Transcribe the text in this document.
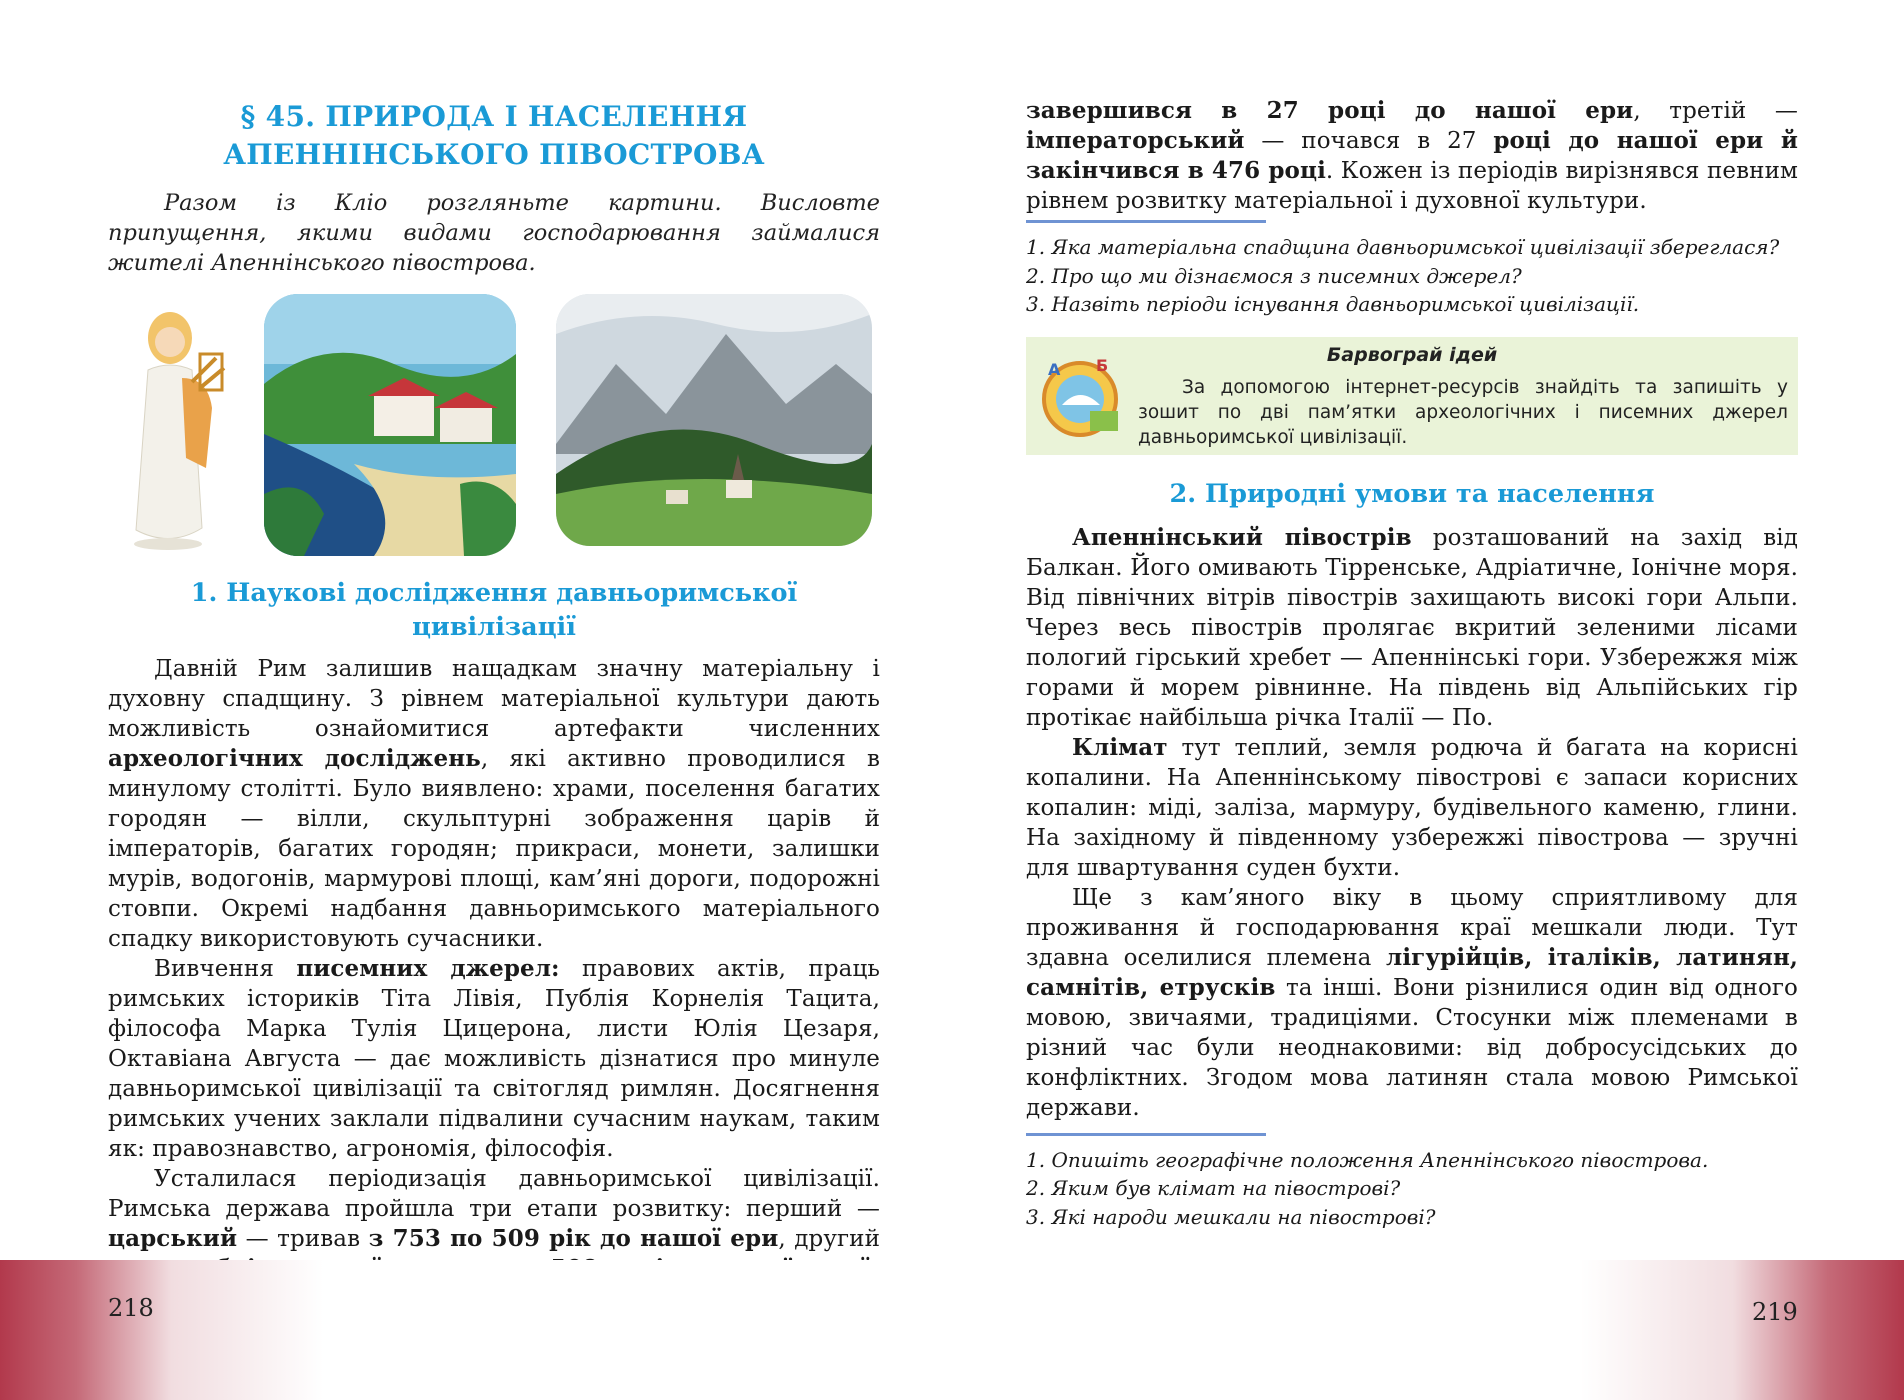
§ 45. ПРИРОДА І НАСЕЛЕННЯ
АПЕННІНСЬКОГО ПІВОСТРОВА

Разом із Кліо розгляньте картини. Висловте припущення, якими видами господарювання займалися жителі Апеннінського півострова.

1. Наукові дослідження давньоримської цивілізації

Давній Рим залишив нащадкам значну матеріальну і духовну спадщину. З рівнем матеріальної культури дають можливість ознайомитися артефакти численних археологічних досліджень, які активно проводилися в минулому столітті. Було виявлено: храми, поселення багатих городян — вілли, скульптурні зображення царів й імператорів, багатих городян; прикраси, монети, залишки мурів, водогонів, мармурові площі, кам’яні дороги, подорожні стовпи. Окремі надбання давньоримського матеріального спадку використовують сучасники.

Вивчення писемних джерел: правових актів, праць римських істориків Тіта Лівія, Публія Корнелія Тацита, філософа Марка Тулія Цицерона, листи Юлія Цезаря, Октавіана Августа — дає можливість дізнатися про минуле давньоримської цивілізації та світогляд римлян. Досягнення римських учених заклали підвалини сучасним наукам, таким як: правознавство, агрономія, філософія.

Усталилася періодизація давньоримської цивілізації. Римська держава пройшла три етапи розвитку: перший — царський — тривав з 753 по 509 рік до нашої ери, другий

218

завершився в 27 році до нашої ери, третій — імператорський — почався в 27 році до нашої ери й закінчився в 476 році. Кожен із періодів вирізнявся певним рівнем розвитку матеріальної і духовної культури.

1. Яка матеріальна спадщина давньоримської цивілізації збереглася?
2. Про що ми дізнаємося з писемних джерел?
3. Назвіть періоди існування давньоримської цивілізації.
A Б	Барвограй ідей
За допомогою інтернет-ресурсів знайдіть та запишіть у зошит по дві пам’ятки археологічних і писемних джерел давньоримської цивілізації.
2. Природні умови та населення

Апеннінський півострів розташований на захід від Балкан. Його омивають Тірренське, Адріатичне, Іонічне моря. Від північних вітрів півострів захищають високі гори Альпи. Через весь півострів пролягає вкритий зеленими лісами пологий гірський хребет — Апеннінські гори. Узбережжя між горами й морем рівнинне. На південь від Альпійських гір протікає найбільша річка Італії — По.

Клімат тут теплий, земля родюча й багата на корисні копалини. На Апеннінському півострові є запаси корисних копалин: міді, заліза, мармуру, будівельного каменю, глини. На західному й південному узбережжі півострова — зручні для швартування суден бухти.

Ще з кам’яного віку в цьому сприятливому для проживання й господарювання краї мешкали люди. Тут здавна оселилися племена лігурійців, італіків, латинян, самнітів, етрусків та інші. Вони різнилися один від одного мовою, звичаями, традиціями. Стосунки між племенами в різний час були неоднаковими: від добросусідських до конфліктних. Згодом мова латинян стала мовою Римської держави.

1. Опишіть географічне положення Апеннінського півострова.
2. Яким був клімат на півострові?
3. Які народи мешкали на півострові?
219
